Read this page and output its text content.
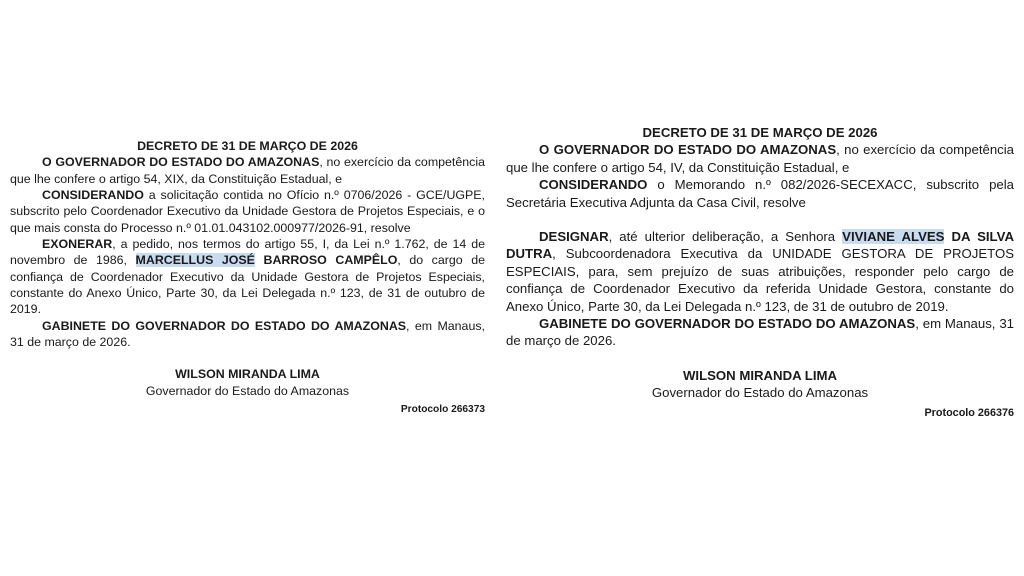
DECRETO DE 31 DE MARÇO DE 2026

O GOVERNADOR DO ESTADO DO AMAZONAS, no exercício da competência que lhe confere o artigo 54, XIX, da Constituição Estadual, e

CONSIDERANDO a solicitação contida no Ofício n.º 0706/2026 - GCE/UGPE, subscrito pelo Coordenador Executivo da Unidade Gestora de Projetos Especiais, e o que mais consta do Processo n.º 01.01.043102.000977/2026-91, resolve

EXONERAR, a pedido, nos termos do artigo 55, I, da Lei n.º 1.762, de 14 de novembro de 1986, MARCELLUS JOSÉ BARROSO CAMPÊLO, do cargo de confiança de Coordenador Executivo da Unidade Gestora de Projetos Especiais, constante do Anexo Único, Parte 30, da Lei Delegada n.º 123, de 31 de outubro de 2019.

GABINETE DO GOVERNADOR DO ESTADO DO AMAZONAS, em Manaus, 31 de março de 2026.

WILSON MIRANDA LIMA
Governador do Estado do Amazonas
Protocolo 266373
DECRETO DE 31 DE MARÇO DE 2026

O GOVERNADOR DO ESTADO DO AMAZONAS, no exercício da competência que lhe confere o artigo 54, IV, da Constituição Estadual, e

CONSIDERANDO o Memorando n.º 082/2026-SECEXACC, subscrito pela Secretária Executiva Adjunta da Casa Civil, resolve

DESIGNAR, até ulterior deliberação, a Senhora VIVIANE ALVES DA SILVA DUTRA, Subcoordenadora Executiva da UNIDADE GESTORA DE PROJETOS ESPECIAIS, para, sem prejuízo de suas atribuições, responder pelo cargo de confiança de Coordenador Executivo da referida Unidade Gestora, constante do Anexo Único, Parte 30, da Lei Delegada n.º 123, de 31 de outubro de 2019.

GABINETE DO GOVERNADOR DO ESTADO DO AMAZONAS, em Manaus, 31 de março de 2026.

WILSON MIRANDA LIMA
Governador do Estado do Amazonas
Protocolo 266376
